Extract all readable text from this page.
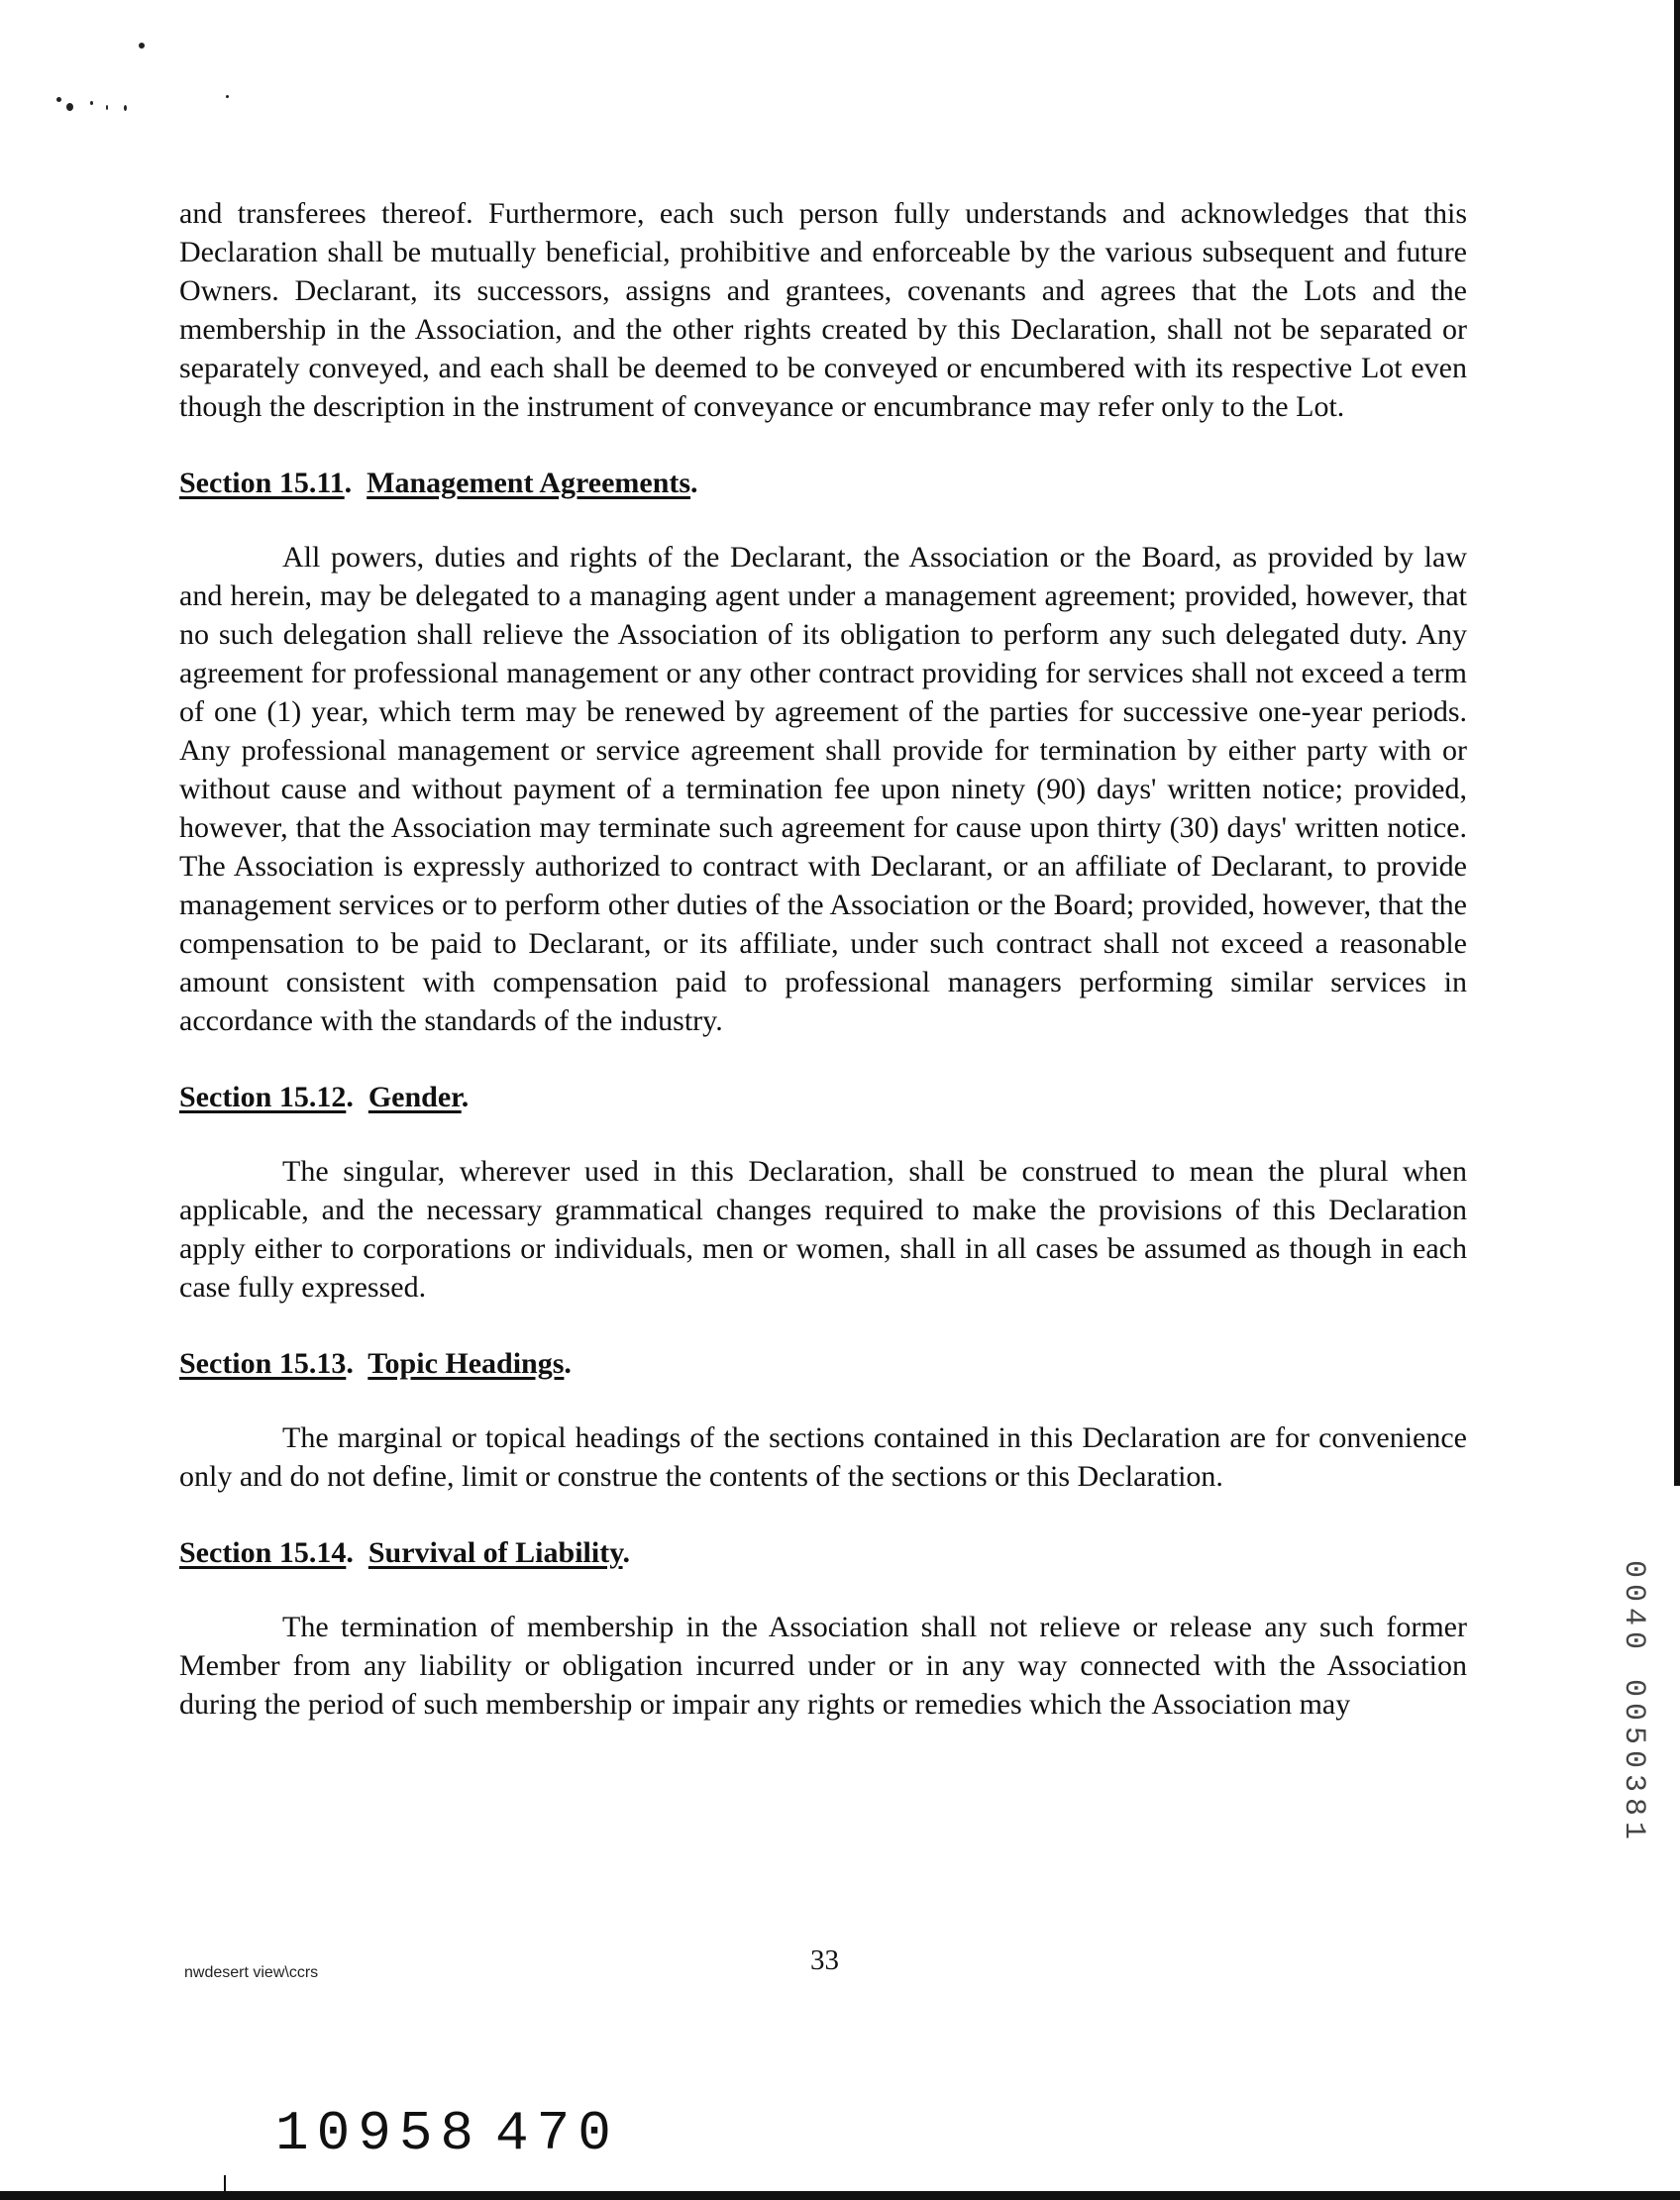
and transferees thereof. Furthermore, each such person fully understands and acknowledges that this Declaration shall be mutually beneficial, prohibitive and enforceable by the various subsequent and future Owners. Declarant, its successors, assigns and grantees, covenants and agrees that the Lots and the membership in the Association, and the other rights created by this Declaration, shall not be separated or separately conveyed, and each shall be deemed to be conveyed or encumbered with its respective Lot even though the description in the instrument of conveyance or encumbrance may refer only to the Lot.

Section 15.11.  Management Agreements.

All powers, duties and rights of the Declarant, the Association or the Board, as provided by law and herein, may be delegated to a managing agent under a management agreement; provided, however, that no such delegation shall relieve the Association of its obligation to perform any such delegated duty. Any agreement for professional management or any other contract providing for services shall not exceed a term of one (1) year, which term may be renewed by agreement of the parties for successive one-year periods. Any professional management or service agreement shall provide for termination by either party with or without cause and without payment of a termination fee upon ninety (90) days' written notice; provided, however, that the Association may terminate such agreement for cause upon thirty (30) days' written notice. The Association is expressly authorized to contract with Declarant, or an affiliate of Declarant, to provide management services or to perform other duties of the Association or the Board; provided, however, that the compensation to be paid to Declarant, or its affiliate, under such contract shall not exceed a reasonable amount consistent with compensation paid to professional managers performing similar services in accordance with the standards of the industry.

Section 15.12.  Gender.

The singular, wherever used in this Declaration, shall be construed to mean the plural when applicable, and the necessary grammatical changes required to make the provisions of this Declaration apply either to corporations or individuals, men or women, shall in all cases be assumed as though in each case fully expressed.

Section 15.13.  Topic Headings.

The marginal or topical headings of the sections contained in this Declaration are for convenience only and do not define, limit or construe the contents of the sections or this Declaration.

Section 15.14.  Survival of Liability.

The termination of membership in the Association shall not relieve or release any such former Member from any liability or obligation incurred under or in any way connected with the Association during the period of such membership or impair any rights or remedies which the Association may

nwdesert view\ccrs	33
10958 470
0040 0050381
